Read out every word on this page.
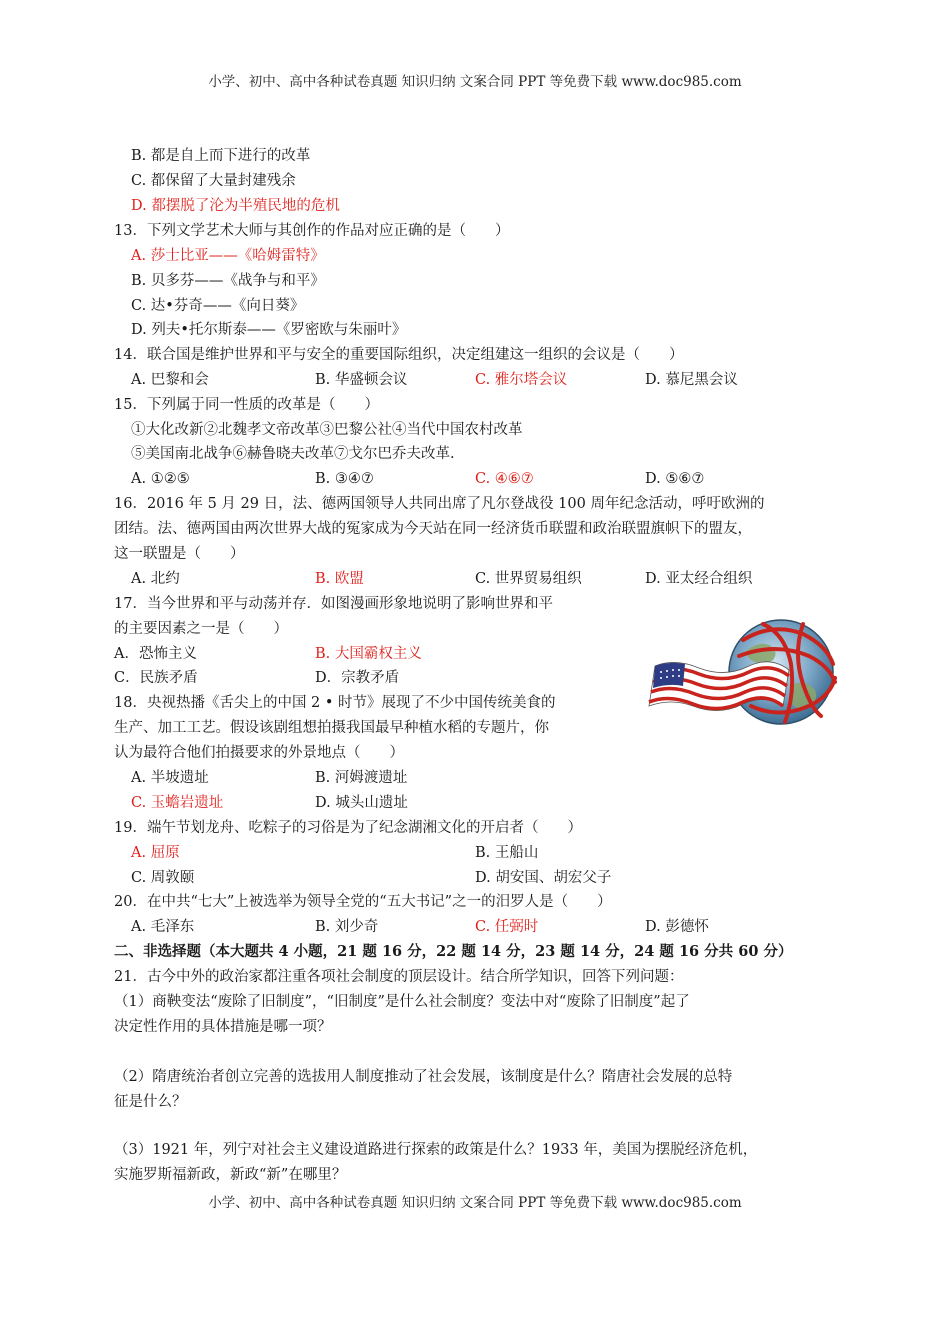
小学、初中、高中各种试卷真题 知识归纳 文案合同 PPT 等免费下载 www.doc985.com
B. 都是自上而下进行的改革
C. 都保留了大量封建残余
D. 都摆脱了沦为半殖民地的危机
13．下列文学艺术大师与其创作的作品对应正确的是（　　）
A. 莎士比亚——《哈姆雷特》
B. 贝多芬——《战争与和平》
C. 达•芬奇——《向日葵》
D. 列夫•托尔斯泰——《罗密欧与朱丽叶》
14．联合国是维护世界和平与安全的重要国际组织，决定组建这一组织的会议是（　　）
A. 巴黎和会	B. 华盛顿会议	C. 雅尔塔会议	D. 慕尼黑会议
15．下列属于同一性质的改革是（　　）
①大化改新②北魏孝文帝改革③巴黎公社④当代中国农村改革
⑤美国南北战争⑥赫鲁晓夫改革⑦戈尔巴乔夫改革.
A. ①②⑤	B. ③④⑦	C. ④⑥⑦	D. ⑤⑥⑦
16．2016 年 5 月 29 日，法、德两国领导人共同出席了凡尔登战役 100 周年纪念活动，呼吁欧洲的
团结。法、德两国由两次世界大战的冤家成为今天站在同一经济货币联盟和政治联盟旗帜下的盟友，
这一联盟是（　　）
A. 北约	B. 欧盟	C. 世界贸易组织	D. 亚太经合组织
17．当今世界和平与动荡并存．如图漫画形象地说明了影响世界和平
的主要因素之一是（　　）
A．恐怖主义	B. 大国霸权主义
C．民族矛盾	D．宗教矛盾
18．央视热播《舌尖上的中国 2 • 时节》展现了不少中国传统美食的
生产、加工工艺。假设该剧组想拍摄我国最早种植水稻的专题片，你
认为最符合他们拍摄要求的外景地点（　　）
A. 半坡遗址	B. 河姆渡遗址
C. 玉蟾岩遗址	D. 城头山遗址
19．端午节划龙舟、吃粽子的习俗是为了纪念湖湘文化的开启者（　　）
A. 屈原	B. 王船山
C. 周敦颐	D. 胡安国、胡宏父子
20．在中共“七大”上被选举为领导全党的“五大书记”之一的汨罗人是（　　）
A. 毛泽东	B. 刘少奇	C. 任弼时	D. 彭德怀
二、非选择题（本大题共 4 小题，21 题 16 分，22 题 14 分，23 题 14 分，24 题 16 分共 60 分）
21．古今中外的政治家都注重各项社会制度的顶层设计。结合所学知识，回答下列问题：
（1）商鞅变法“废除了旧制度”，“旧制度”是什么社会制度？变法中对“废除了旧制度”起了
决定性作用的具体措施是哪一项？
（2）隋唐统治者创立完善的选拔用人制度推动了社会发展，该制度是什么？隋唐社会发展的总特
征是什么？
（3）1921 年，列宁对社会主义建设道路进行探索的政策是什么？1933 年，美国为摆脱经济危机，
实施罗斯福新政，新政“新”在哪里？
小学、初中、高中各种试卷真题 知识归纳 文案合同 PPT 等免费下载 www.doc985.com
